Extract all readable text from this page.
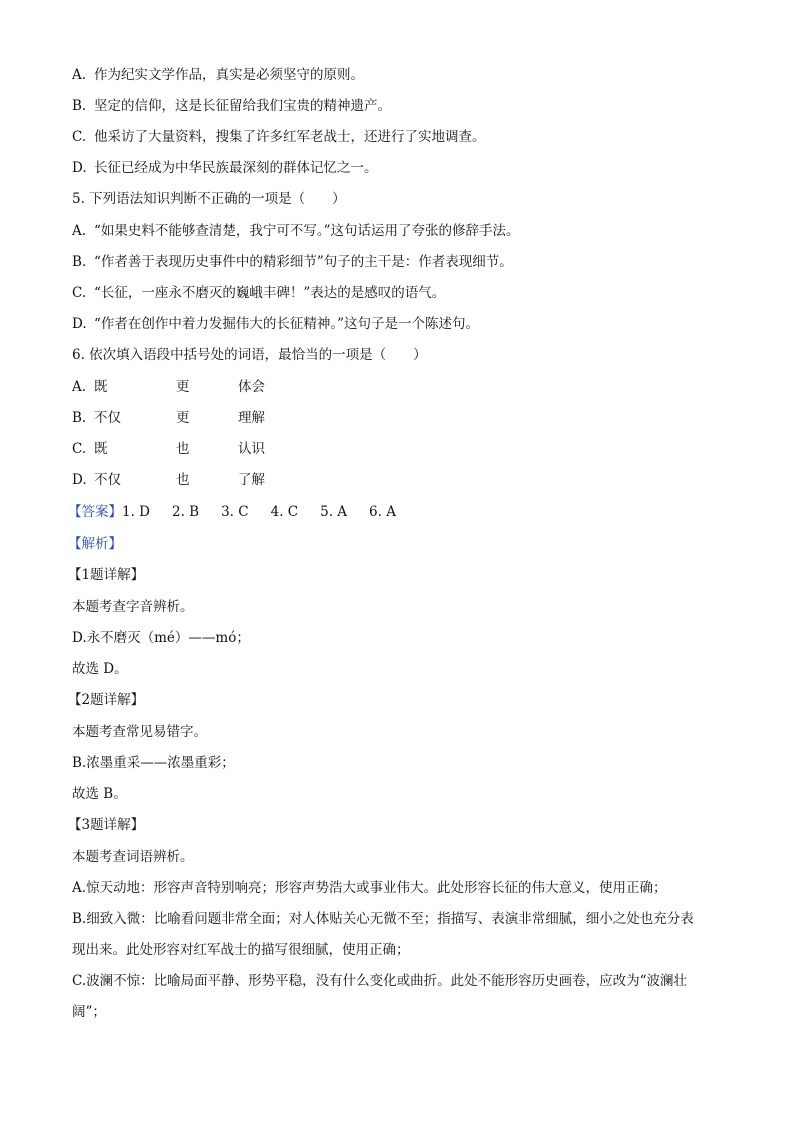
A. 作为纪实文学作品，真实是必须坚守的原则。
B. 坚定的信仰，这是长征留给我们宝贵的精神遗产。
C. 他采访了大量资料，搜集了许多红军老战士，还进行了实地调查。
D. 长征已经成为中华民族最深刻的群体记忆之一。
5. 下列语法知识判断不正确的一项是（　　）
A. “如果史料不能够查清楚，我宁可不写。”这句话运用了夸张的修辞手法。
B. “作者善于表现历史事件中的精彩细节”句子的主干是：作者表现细节。
C. “长征，一座永不磨灭的巍峨丰碑！”表达的是感叹的语气。
D. “作者在创作中着力发掘伟大的长征精神。”这句子是一个陈述句。
6. 依次填入语段中括号处的词语，最恰当的一项是（　　）
A. 既	更	体会
B. 不仅	更	理解
C. 既	也	认识
D. 不仅	也	了解
【答案】1. D 2. B 3. C 4. C 5. A 6. A
【解析】
【1题详解】
本题考查字音辨析。
D.永不磨灭（mé）——mó；
故选 D。
【2题详解】
本题考查常见易错字。
B.浓墨重采——浓墨重彩；
故选 B。
【3题详解】
本题考查词语辨析。
A.惊天动地：形容声音特别响亮；形容声势浩大或事业伟大。此处形容长征的伟大意义，使用正确；
B.细致入微：比喻看问题非常全面；对人体贴关心无微不至；指描写、表演非常细腻，细小之处也充分表
现出来。此处形容对红军战士的描写很细腻，使用正确；
C.波澜不惊：比喻局面平静、形势平稳，没有什么变化或曲折。此处不能形容历史画卷，应改为“波澜壮
阔”；
